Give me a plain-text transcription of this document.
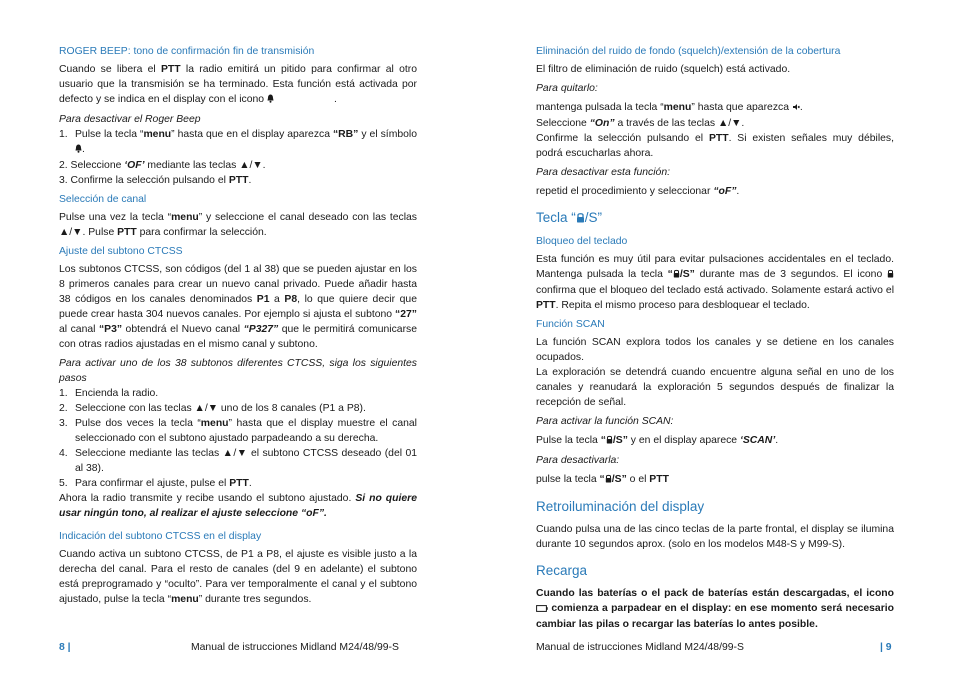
ROGER BEEP: tono de confirmación fin de transmisión

Cuando se libera el PTT la radio emitirá un pitido para confirmar al otro usuario que la transmisión se ha terminado. Esta función está activada por defecto y se indica en el display con el icono	.

Para desactivar el Roger Beep

1. Pulse la tecla “menu” hasta que en el display aparezca “RB” y el símbolo .

2. Seleccione ‘OF’ mediante las teclas ▲/▼.

3. Confirme la selección pulsando el PTT.

Selección de canal

Pulse una vez la tecla “menu” y seleccione el canal deseado con las teclas ▲/▼. Pulse PTT para confirmar la selección.

Ajuste del subtono CTCSS

Los subtonos CTCSS, son códigos (del 1 al 38) que se pueden ajustar en los 8 primeros canales para crear un nuevo canal privado. Puede añadir hasta 38 códigos en los canales denominados P1 a P8, lo que quiere decir que puede crear hasta 304 nuevos canales. Por ejemplo si ajusta el subtono “27” al canal “P3” obtendrá el Nuevo canal “P327” que le permitirá comunicarse con otras radios ajustadas en el mismo canal y subtono.

Para activar uno de los 38 subtonos diferentes CTCSS, siga los siguientes pasos

1. Encienda la radio.
2. Seleccione con las teclas ▲/▼ uno de los 8 canales (P1 a P8).
3. Pulse dos veces la tecla “menu” hasta que el display muestre el canal seleccionado con el subtono ajustado parpadeando a su derecha.
4. Seleccione mediante las teclas ▲/▼ el subtono CTCSS deseado (del 01 al 38).
5. Para confirmar el ajuste, pulse el PTT.

Ahora la radio transmite y recibe usando el subtono ajustado. Si no quiere usar ningún tono, al realizar el ajuste seleccione “oF”.

Indicación del subtono CTCSS en el display

Cuando activa un subtono CTCSS, de P1 a P8, el ajuste es visible justo a la derecha del canal. Para el resto de canales (del 9 en adelante) el subtono está preprogramado y “oculto”. Para ver temporalmente el canal y el subtono ajustado, pulse la tecla “menu” durante tres segundos.

Eliminación del ruido de fondo (squelch)/extensión de la cobertura

El filtro de eliminación de ruido (squelch) está activado.

Para quitarlo:

mantenga pulsada la tecla “menu” hasta que aparezca .

Seleccione “On” a través de las teclas ▲/▼.

Confirme la selección pulsando el PTT. Si existen señales muy débiles, podrá escucharlas ahora.

Para desactivar esta función:

repetid el procedimiento y seleccionar “oF”.

Tecla “ /S”
Bloqueo del teclado

Esta función es muy útil para evitar pulsaciones accidentales en el teclado. Mantenga pulsada la tecla “ /S” durante mas de 3 segundos. El icono  confirma que el bloqueo del teclado está activado. Solamente estará activo el PTT. Repita el mismo proceso para desbloquear el teclado.

Función SCAN

La función SCAN explora todos los canales y se detiene en los canales ocupados.

La exploración se detendrá cuando encuentre alguna señal en uno de los canales y reanudará la exploración 5 segundos después de finalizar la recepción de señal.

Para activar la función SCAN:

Pulse la tecla “ /S” y en el display aparece ‘SCAN’.

Para desactivarla:

pulse la tecla “ /S” o el PTT

Retroiluminación del display

Cuando pulsa una de las cinco teclas de la parte frontal, el display se ilumina durante 10 segundos aprox. (solo en los modelos M48-S y M99-S).

Recarga

Cuando las baterías o el pack de baterías están descargadas, el icono  comienza a parpadear en el display: en ese momento será necesario cambiar las pilas o recargar las baterías lo antes posible.

8 |	Manual de istrucciones Midland M24/48/99-S	Manual de istrucciones Midland M24/48/99-S	| 9
